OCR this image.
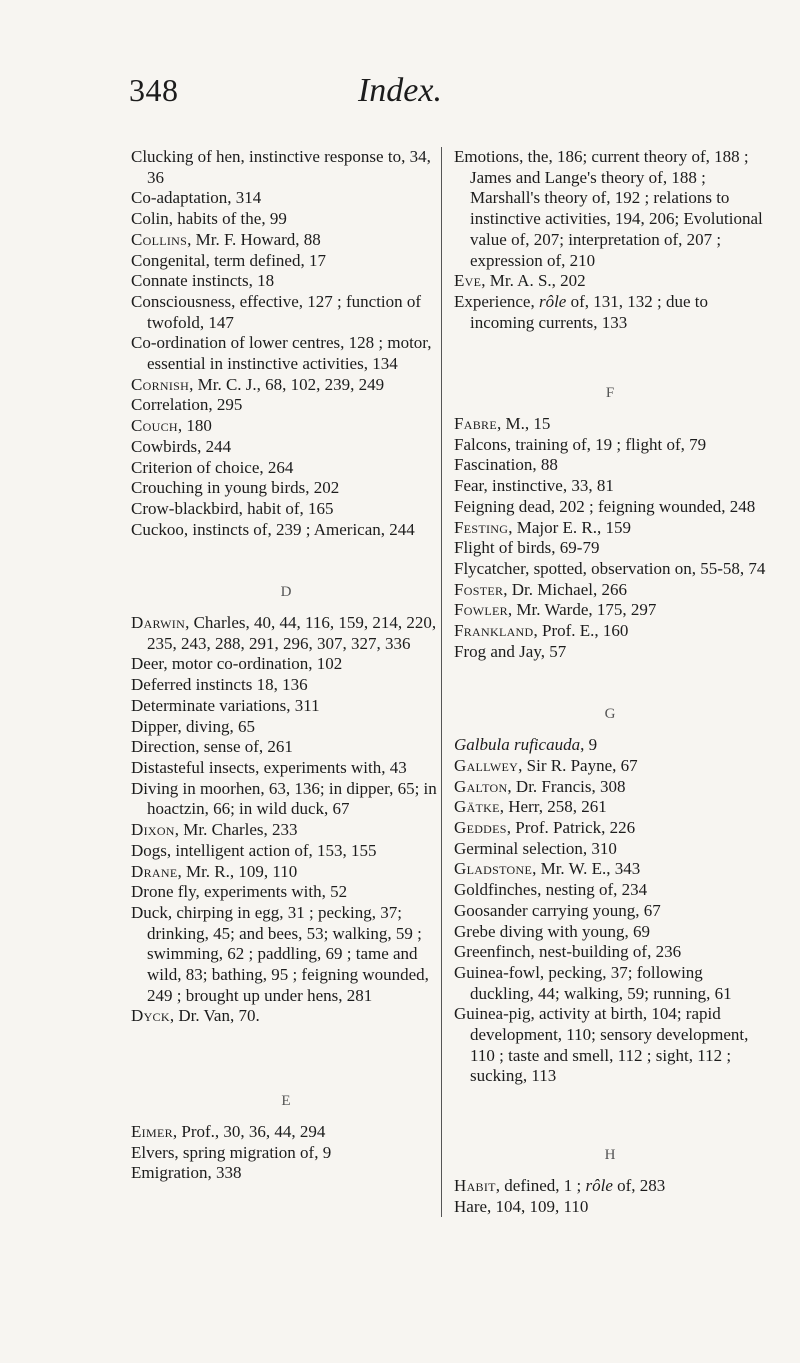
348	Index.
Clucking of hen, instinctive response to, 34, 36
Co-adaptation, 314
Colin, habits of the, 99
Collins, Mr. F. Howard, 88
Congenital, term defined, 17
Connate instincts, 18
Consciousness, effective, 127 ; function of twofold, 147
Co-ordination of lower centres, 128 ; motor, essential in instinctive activities, 134
Cornish, Mr. C. J., 68, 102, 239, 249
Correlation, 295
Couch, 180
Cowbirds, 244
Criterion of choice, 264
Crouching in young birds, 202
Crow-blackbird, habit of, 165
Cuckoo, instincts of, 239 ; American, 244
D
Darwin, Charles, 40, 44, 116, 159, 214, 220, 235, 243, 288, 291, 296, 307, 327, 336
Deer, motor co-ordination, 102
Deferred instincts 18, 136
Determinate variations, 311
Dipper, diving, 65
Direction, sense of, 261
Distasteful insects, experiments with, 43
Diving in moorhen, 63, 136; in dipper, 65; in hoactzin, 66; in wild duck, 67
Dixon, Mr. Charles, 233
Dogs, intelligent action of, 153, 155
Drane, Mr. R., 109, 110
Drone fly, experiments with, 52
Duck, chirping in egg, 31 ; pecking, 37; drinking, 45; and bees, 53; walking, 59 ; swimming, 62 ; paddling, 69 ; tame and wild, 83; bathing, 95 ; feigning wounded, 249 ; brought up under hens, 281
Dyck, Dr. Van, 70.
E
Eimer, Prof., 30, 36, 44, 294
Elvers, spring migration of, 9
Emigration, 338
Emotions, the, 186; current theory of, 188 ; James and Lange's theory of, 188 ; Marshall's theory of, 192 ; relations to instinctive activities, 194, 206; Evolutional value of, 207; interpretation of, 207 ; expression of, 210
Eve, Mr. A. S., 202
Experience, rôle of, 131, 132 ; due to incoming currents, 133
F
Fabre, M., 15
Falcons, training of, 19 ; flight of, 79
Fascination, 88
Fear, instinctive, 33, 81
Feigning dead, 202 ; feigning wounded, 248
Festing, Major E. R., 159
Flight of birds, 69-79
Flycatcher, spotted, observation on, 55-58, 74
Foster, Dr. Michael, 266
Fowler, Mr. Warde, 175, 297
Frankland, Prof. E., 160
Frog and Jay, 57
G
Galbula ruficauda, 9
Gallwey, Sir R. Payne, 67
Galton, Dr. Francis, 308
Gätke, Herr, 258, 261
Geddes, Prof. Patrick, 226
Germinal selection, 310
Gladstone, Mr. W. E., 343
Goldfinches, nesting of, 234
Goosander carrying young, 67
Grebe diving with young, 69
Greenfinch, nest-building of, 236
Guinea-fowl, pecking, 37; following duckling, 44; walking, 59; running, 61
Guinea-pig, activity at birth, 104; rapid development, 110; sensory development, 110 ; taste and smell, 112 ; sight, 112 ; sucking, 113
H
Habit, defined, 1 ; rôle of, 283
Hare, 104, 109, 110
